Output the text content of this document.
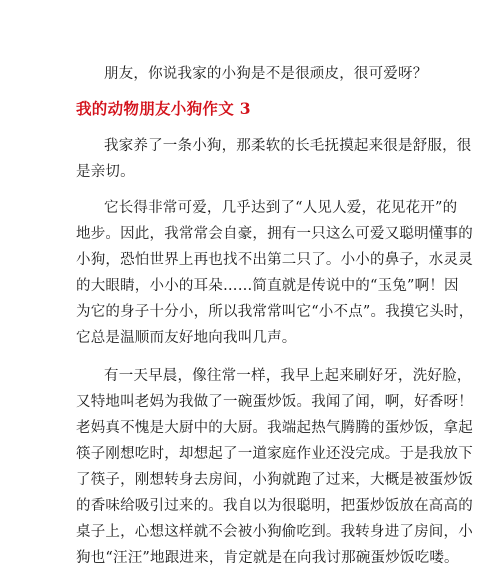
朋友，你说我家的小狗是不是很顽皮，很可爱呀？
我的动物朋友小狗作文 3
我家养了一条小狗，那柔软的长毛抚摸起来很是舒服，很
是亲切。
它长得非常可爱，几乎达到了“人见人爱，花见花开”的
地步。因此，我常常会自豪，拥有一只这么可爱又聪明懂事的
小狗，恐怕世界上再也找不出第二只了。小小的鼻子，水灵灵
的大眼睛，小小的耳朵……简直就是传说中的“玉兔”啊！因
为它的身子十分小，所以我常常叫它“小不点”。我摸它头时，
它总是温顺而友好地向我叫几声。
有一天早晨，像往常一样，我早上起来刷好牙，洗好脸，
又特地叫老妈为我做了一碗蛋炒饭。我闻了闻，啊，好香呀！
老妈真不愧是大厨中的大厨。我端起热气腾腾的蛋炒饭，拿起
筷子刚想吃时，却想起了一道家庭作业还没完成。于是我放下
了筷子，刚想转身去房间，小狗就跑了过来，大概是被蛋炒饭
的香味给吸引过来的。我自以为很聪明，把蛋炒饭放在高高的
桌子上，心想这样就不会被小狗偷吃到。我转身进了房间，小
狗也“汪汪”地跟进来，肯定就是在向我讨那碗蛋炒饭吃喽。
